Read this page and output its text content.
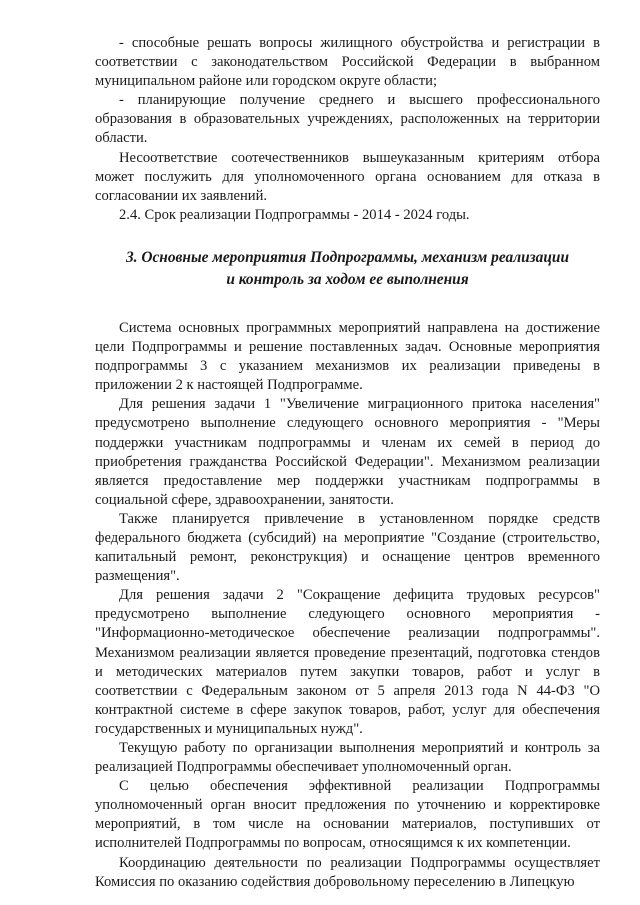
- способные решать вопросы жилищного обустройства и регистрации в соответствии с законодательством Российской Федерации в выбранном муниципальном районе или городском округе области;

- планирующие получение среднего и высшего профессионального образования в образовательных учреждениях, расположенных на территории области.

Несоответствие соотечественников вышеуказанным критериям отбора может послужить для уполномоченного органа основанием для отказа в согласовании их заявлений.

2.4. Срок реализации Подпрограммы - 2014 - 2024 годы.

3. Основные мероприятия Подпрограммы, механизм реализации

и контроль за ходом ее выполнения

Система основных программных мероприятий направлена на достижение цели Подпрограммы и решение поставленных задач. Основные мероприятия подпрограммы 3 с указанием механизмов их реализации приведены в приложении 2 к настоящей Подпрограмме.

Для решения задачи 1 "Увеличение миграционного притока населения" предусмотрено выполнение следующего основного мероприятия - "Меры поддержки участникам подпрограммы и членам их семей в период до приобретения гражданства Российской Федерации". Механизмом реализации является предоставление мер поддержки участникам подпрограммы в социальной сфере, здравоохранении, занятости.

Также планируется привлечение в установленном порядке средств федерального бюджета (субсидий) на мероприятие "Создание (строительство, капитальный ремонт, реконструкция) и оснащение центров временного размещения".

Для решения задачи 2 "Сокращение дефицита трудовых ресурсов" предусмотрено выполнение следующего основного мероприятия - "Информационно-методическое обеспечение реализации подпрограммы". Механизмом реализации является проведение презентаций, подготовка стендов и методических материалов путем закупки товаров, работ и услуг в соответствии с Федеральным законом от 5 апреля 2013 года N 44-ФЗ "О контрактной системе в сфере закупок товаров, работ, услуг для обеспечения государственных и муниципальных нужд".

Текущую работу по организации выполнения мероприятий и контроль за реализацией Подпрограммы обеспечивает уполномоченный орган.

С целью обеспечения эффективной реализации Подпрограммы уполномоченный орган вносит предложения по уточнению и корректировке мероприятий, в том числе на основании материалов, поступивших от исполнителей Подпрограммы по вопросам, относящимся к их компетенции.

Координацию деятельности по реализации Подпрограммы осуществляет Комиссия по оказанию содействия добровольному переселению в Липецкую
